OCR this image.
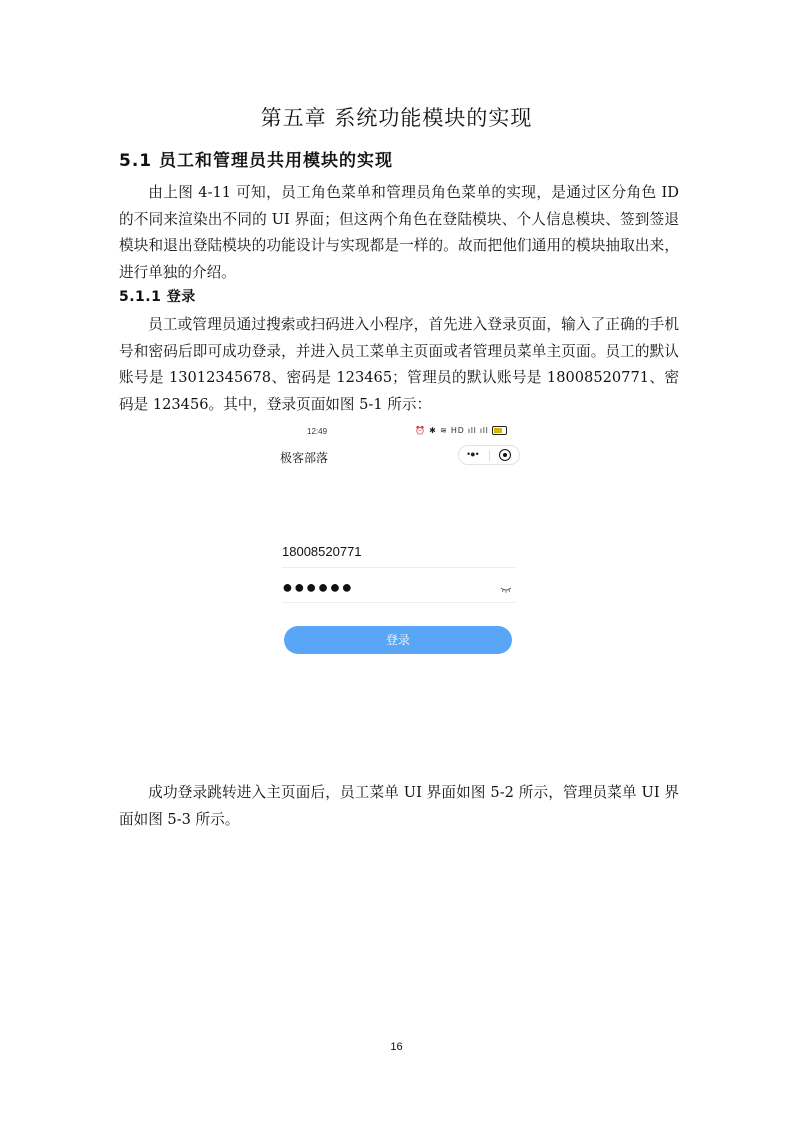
第五章 系统功能模块的实现
5.1 员工和管理员共用模块的实现
由上图 4-11 可知，员工角色菜单和管理员角色菜单的实现，是通过区分角色 ID 的不同来渲染出不同的 UI 界面；但这两个角色在登陆模块、个人信息模块、签到签退模块和退出登陆模块的功能设计与实现都是一样的。故而把他们通用的模块抽取出来，进行单独的介绍。
5.1.1 登录
员工或管理员通过搜索或扫码进入小程序，首先进入登录页面，输入了正确的手机号和密码后即可成功登录，并进入员工菜单主页面或者管理员菜单主页面。员工的默认账号是 13012345678、密码是 123465；管理员的默认账号是 18008520771、密码是 123456。其中，登录页面如图 5-1 所示：
12:49	⏰ ✱ ≋ HD ıll ıll
极客部落	•●•
18008520771
●●●●●●
登录
成功登录跳转进入主页面后，员工菜单 UI 界面如图 5-2 所示，管理员菜单 UI 界面如图 5-3 所示。
16
